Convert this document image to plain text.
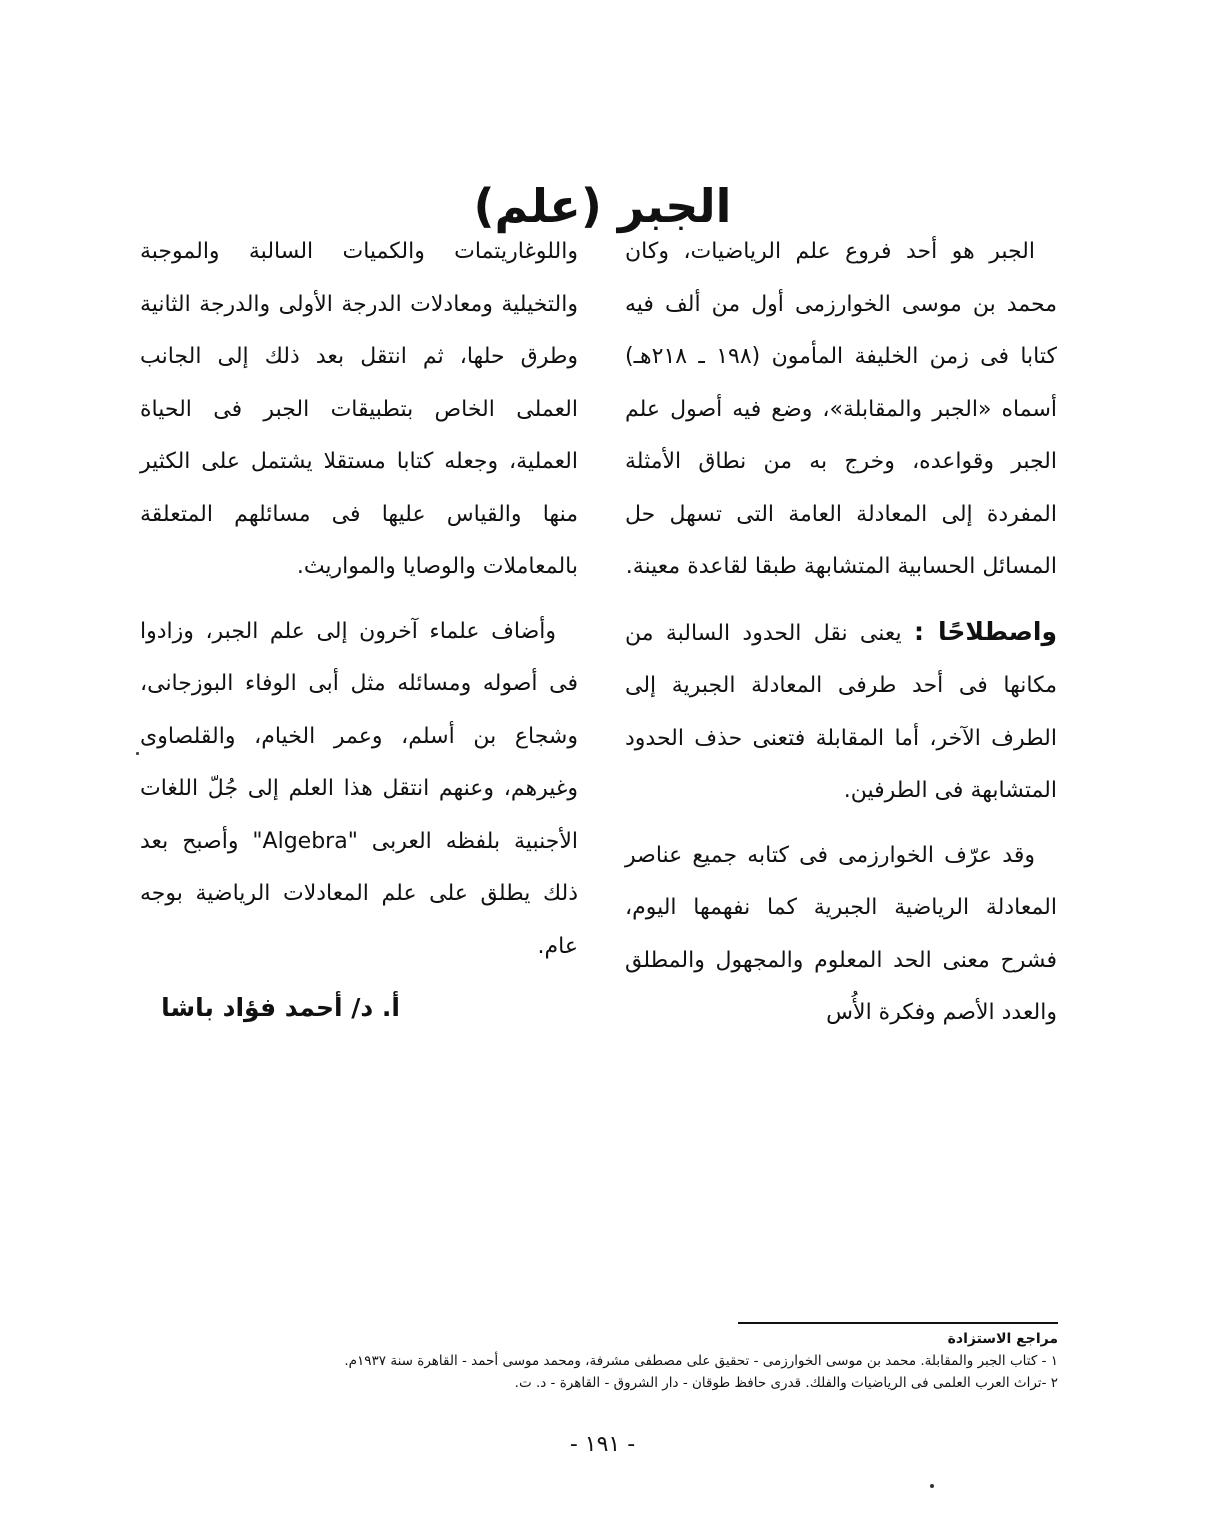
الجبر (علم)

الجبر هو أحد فروع علم الرياضيات، وكان محمد بن موسى الخوارزمى أول من ألف فيه كتابا فى زمن الخليفة المأمون (١٩٨ ـ ٢١٨هـ) أسماه «الجبر والمقابلة»، وضع فيه أصول علم الجبر وقواعده، وخرج به من نطاق الأمثلة المفردة إلى المعادلة العامة التى تسهل حل المسائل الحسابية المتشابهة طبقا لقاعدة معينة.

واصطلاحًا : يعنى نقل الحدود السالبة من مكانها فى أحد طرفى المعادلة الجبرية إلى الطرف الآخر، أما المقابلة فتعنى حذف الحدود المتشابهة فى الطرفين.

وقد عرّف الخوارزمى فى كتابه جميع عناصر المعادلة الرياضية الجبرية كما نفهمها اليوم، فشرح معنى الحد المعلوم والمجهول والمطلق والعدد الأصم وفكرة الأُس

واللوغاريتمات والكميات السالبة والموجبة والتخيلية ومعادلات الدرجة الأولى والدرجة الثانية وطرق حلها، ثم انتقل بعد ذلك إلى الجانب العملى الخاص بتطبيقات الجبر فى الحياة العملية، وجعله كتابا مستقلا يشتمل على الكثير منها والقياس عليها فى مسائلهم المتعلقة بالمعاملات والوصايا والمواريث.

وأضاف علماء آخرون إلى علم الجبر، وزادوا فى أصوله ومسائله مثل أبى الوفاء البوزجانى، وشجاع بن أسلم، وعمر الخيام، والقلصاوى وغيرهم، وعنهم انتقل هذا العلم إلى جُلّ اللغات الأجنبية بلفظه العربى "Algebra" وأصبح بعد ذلك يطلق على علم المعادلات الرياضية بوجه عام.

أ. د/ أحمد فؤاد باشا
مراجع الاستزادة
١ - كتاب الجبر والمقابلة. محمد بن موسى الخوارزمى - تحقيق على مصطفى مشرفة، ومحمد موسى أحمد - القاهرة سنة ١٩٣٧م.
٢ -تراث العرب العلمى فى الرياضيات والفلك. قدرى حافظ طوقان - دار الشروق - القاهرة - د. ت.
- ١٩١ -
